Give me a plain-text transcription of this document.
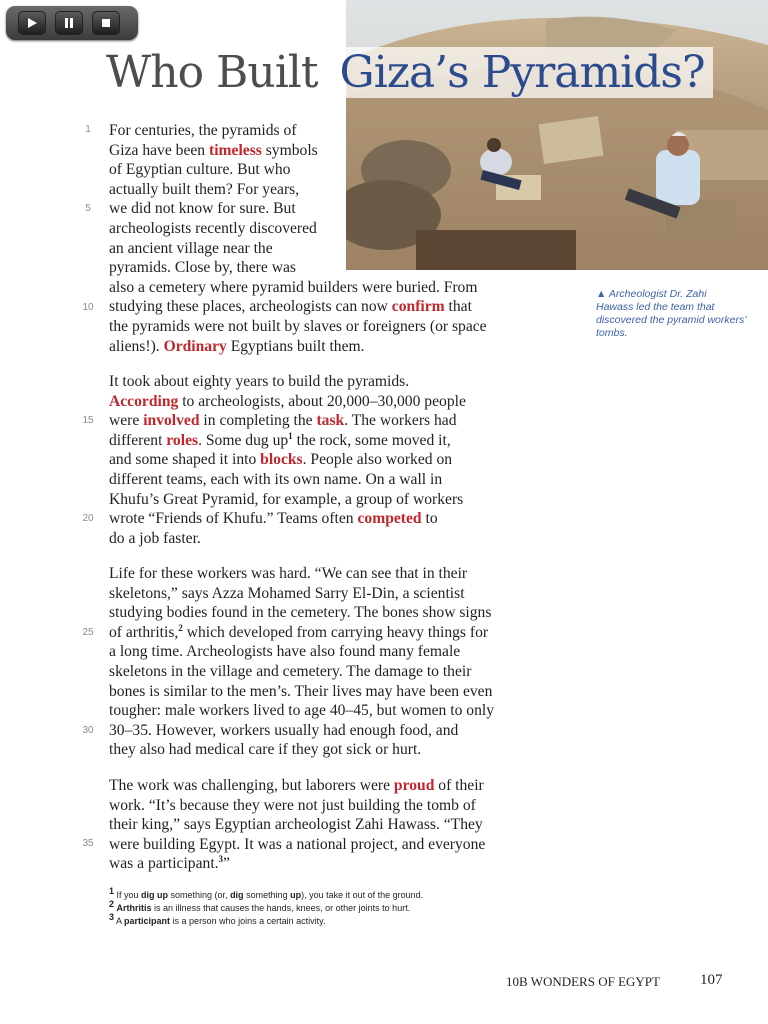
Who Built Giza’s Pyramids?
▲ Archeologist Dr. Zahi Hawass led the team that discovered the pyramid workers’ tombs.
For centuries, the pyramids of
Giza have been timeless symbols
of Egyptian culture. But who
actually built them? For years,
we did not know for sure. But
archeologists recently discovered
an ancient village near the
pyramids. Close by, there was
also a cemetery where pyramid builders were buried. From
studying these places, archeologists can now confirm that
the pyramids were not built by slaves or foreigners (or space
aliens!). Ordinary Egyptians built them.
It took about eighty years to build the pyramids.
According to archeologists, about 20,000–30,000 people
were involved in completing the task. The workers had
different roles. Some dug $up^1$ the rock, some moved it,
and some shaped it into blocks. People also worked on
different teams, each with its own name. On a wall in
Khufu’s Great Pyramid, for example, a group of workers
wrote “Friends of Khufu.” Teams often competed to
do a job faster.
Life for these workers was hard. “We can see that in their
skeletons,” says Azza Mohamed Sarry El-Din, a scientist
studying bodies found in the cemetery. The bones show signs
of arthritis,$^2$ which developed from carrying heavy things for
a long time. Archeologists have also found many female
skeletons in the village and cemetery. The damage to their
bones is similar to the men’s. Their lives may have been even
tougher: male workers lived to age 40–45, but women to only
30–35. However, workers usually had enough food, and
they also had medical care if they got sick or hurt.
The work was challenging, but laborers were proud of their
work. “It’s because they were not just building the tomb of
their king,” says Egyptian archeologist Zahi Hawass. “They
were building Egypt. It was a national project, and everyone
was a participant.$^3$”
1
5
10
15
20
25
30
35
$^1$ If you dig up something (or, dig something up), you take it out of the ground.
$^2$ Arthritis is an illness that causes the hands, knees, or other joints to hurt.
$^3$ A participant is a person who joins a certain activity.
10B WONDERS OF EGYPT	107
